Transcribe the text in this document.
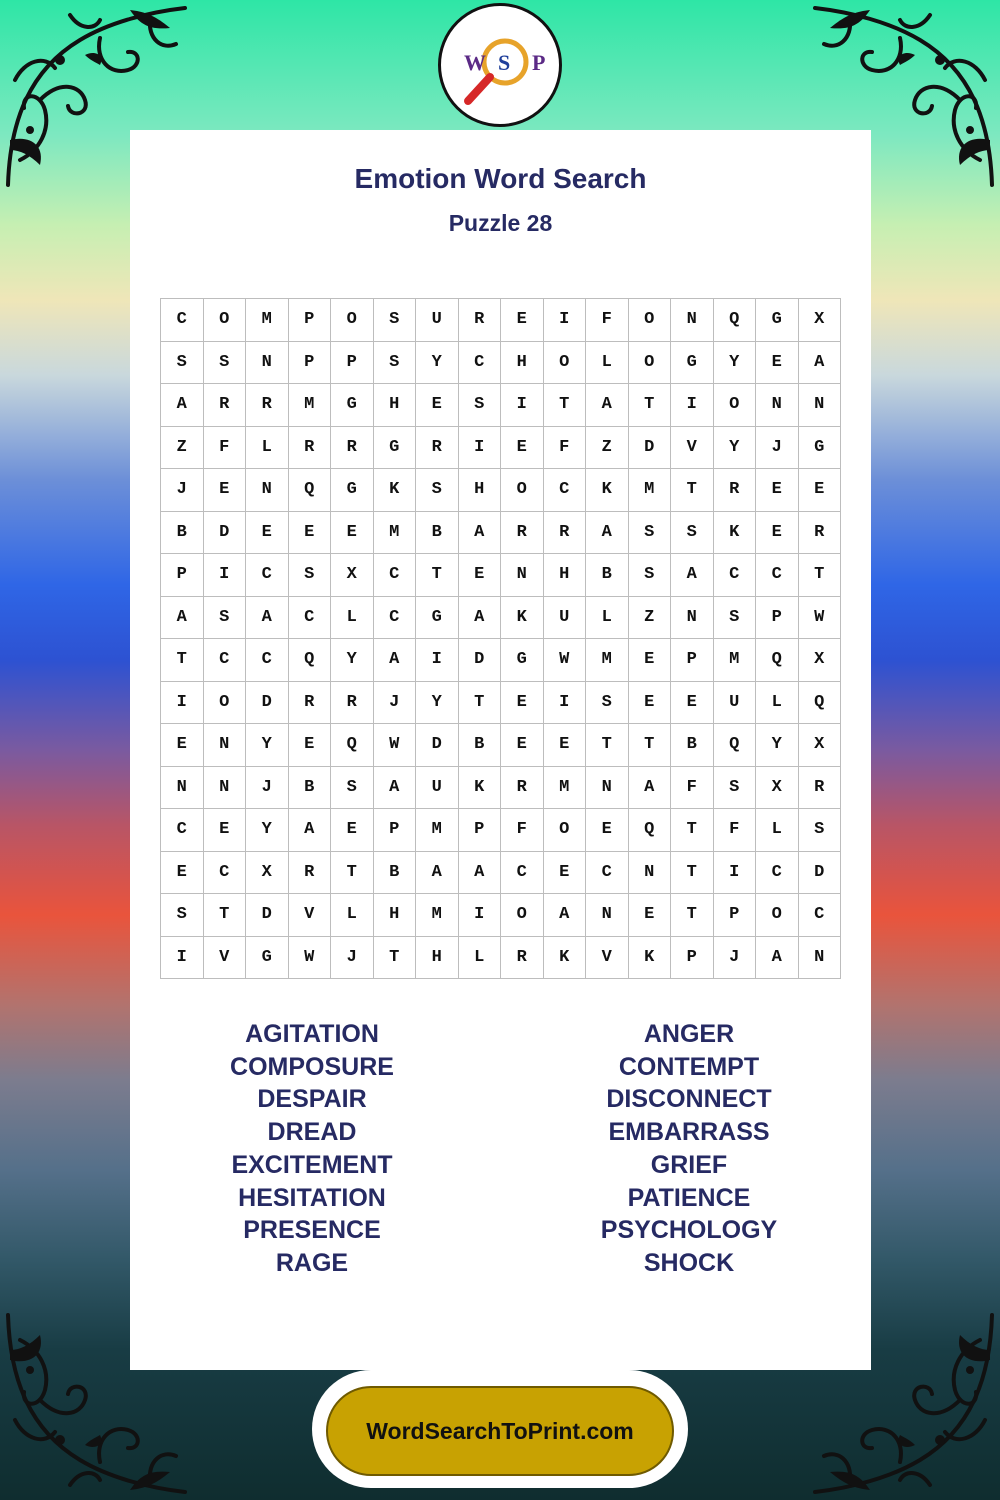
W S P
Emotion Word Search
Puzzle 28
C	O	M	P	O	S	U	R	E	I	F	O	N	Q	G	X
S	S	N	P	P	S	Y	C	H	O	L	O	G	Y	E	A
A	R	R	M	G	H	E	S	I	T	A	T	I	O	N	N
Z	F	L	R	R	G	R	I	E	F	Z	D	V	Y	J	G
J	E	N	Q	G	K	S	H	O	C	K	M	T	R	E	E
B	D	E	E	E	M	B	A	R	R	A	S	S	K	E	R
P	I	C	S	X	C	T	E	N	H	B	S	A	C	C	T
A	S	A	C	L	C	G	A	K	U	L	Z	N	S	P	W
T	C	C	Q	Y	A	I	D	G	W	M	E	P	M	Q	X
I	O	D	R	R	J	Y	T	E	I	S	E	E	U	L	Q
E	N	Y	E	Q	W	D	B	E	E	T	T	B	Q	Y	X
N	N	J	B	S	A	U	K	R	M	N	A	F	S	X	R
C	E	Y	A	E	P	M	P	F	O	E	Q	T	F	L	S
E	C	X	R	T	B	A	A	C	E	C	N	T	I	C	D
S	T	D	V	L	H	M	I	O	A	N	E	T	P	O	C
I	V	G	W	J	T	H	L	R	K	V	K	P	J	A	N
AGITATION
COMPOSURE
DESPAIR
DREAD
EXCITEMENT
HESITATION
PRESENCE
RAGE
ANGER
CONTEMPT
DISCONNECT
EMBARRASS
GRIEF
PATIENCE
PSYCHOLOGY
SHOCK
WordSearchToPrint.com
